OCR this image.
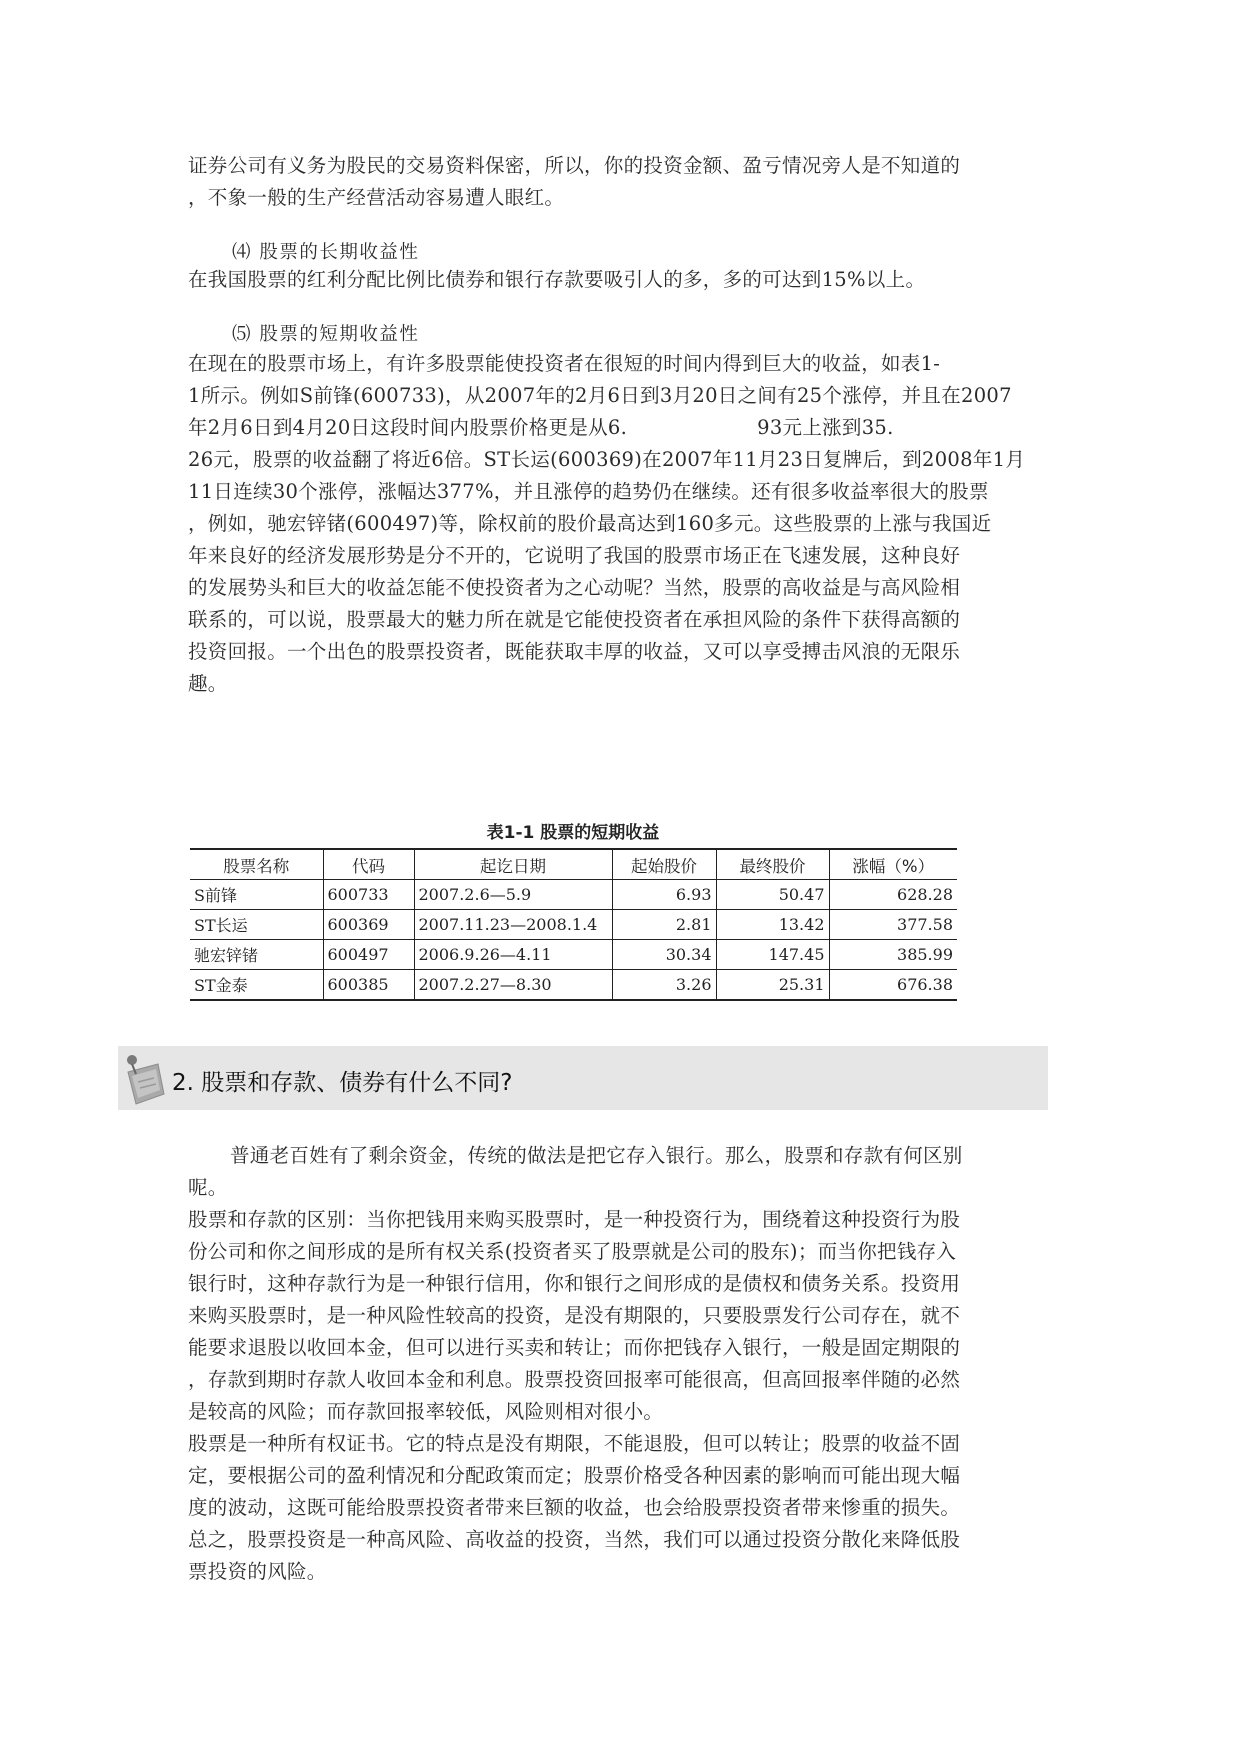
证券公司有义务为股民的交易资料保密，所以，你的投资金额、盈亏情况旁人是不知道的

，不象一般的生产经营活动容易遭人眼红。

⑷ 股票的长期收益性

在我国股票的红利分配比例比债券和银行存款要吸引人的多，多的可达到15%以上。

⑸ 股票的短期收益性

在现在的股票市场上，有许多股票能使投资者在很短的时间内得到巨大的收益，如表1-

1所示。例如S前锋(600733)，从2007年的2月6日到3月20日之间有25个涨停，并且在2007

年2月6日到4月20日这段时间内股票价格更是从6.                    93元上涨到35.

26元，股票的收益翻了将近6倍。ST长运(600369)在2007年11月23日复牌后，到2008年1月

11日连续30个涨停，涨幅达377%，并且涨停的趋势仍在继续。还有很多收益率很大的股票

，例如，驰宏锌锗(600497)等，除权前的股价最高达到160多元。这些股票的上涨与我国近

年来良好的经济发展形势是分不开的，它说明了我国的股票市场正在飞速发展，这种良好

的发展势头和巨大的收益怎能不使投资者为之心动呢？当然，股票的高收益是与高风险相

联系的，可以说，股票最大的魅力所在就是它能使投资者在承担风险的条件下获得高额的

投资回报。一个出色的股票投资者，既能获取丰厚的收益，又可以享受搏击风浪的无限乐

趣。

表1-1 股票的短期收益
股票名称	代码	起讫日期	起始股价	最终股价	涨幅（%）
S前锋	600733	2007.2.6—5.9	6.93	50.47	628.28
ST长运	600369	2007.11.23—2008.1.4	2.81	13.42	377.58
驰宏锌锗	600497	2006.9.26—4.11	30.34	147.45	385.99
ST金泰	600385	2007.2.27—8.30	3.26	25.31	676.38
2. 股票和存款、债券有什么不同?

普通老百姓有了剩余资金，传统的做法是把它存入银行。那么，股票和存款有何区别

呢。

股票和存款的区别：当你把钱用来购买股票时，是一种投资行为，围绕着这种投资行为股

份公司和你之间形成的是所有权关系(投资者买了股票就是公司的股东)；而当你把钱存入

银行时，这种存款行为是一种银行信用，你和银行之间形成的是债权和债务关系。投资用

来购买股票时，是一种风险性较高的投资，是没有期限的，只要股票发行公司存在，就不

能要求退股以收回本金，但可以进行买卖和转让；而你把钱存入银行，一般是固定期限的

，存款到期时存款人收回本金和利息。股票投资回报率可能很高，但高回报率伴随的必然

是较高的风险；而存款回报率较低，风险则相对很小。

股票是一种所有权证书。它的特点是没有期限，不能退股，但可以转让；股票的收益不固

定，要根据公司的盈利情况和分配政策而定；股票价格受各种因素的影响而可能出现大幅

度的波动，这既可能给股票投资者带来巨额的收益，也会给股票投资者带来惨重的损失。

总之，股票投资是一种高风险、高收益的投资，当然，我们可以通过投资分散化来降低股

票投资的风险。
